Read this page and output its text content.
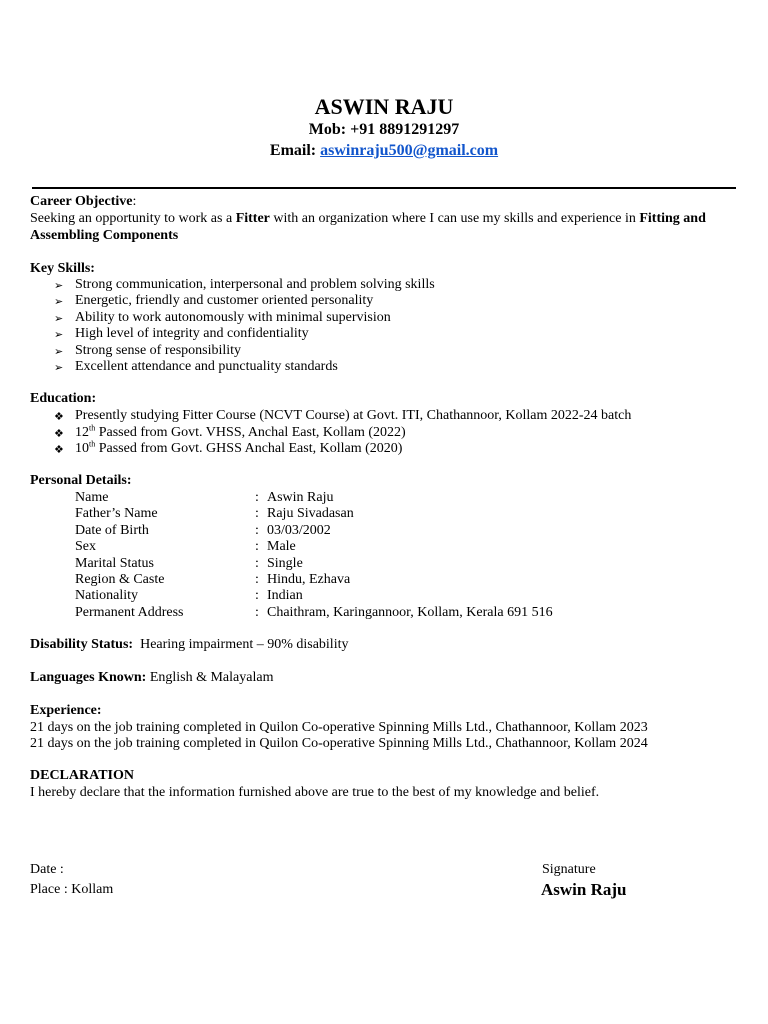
ASWIN RAJU
Mob: +91 8891291297
Email: aswinraju500@gmail.com
Career Objective:
Seeking an opportunity to work as a Fitter with an organization where I can use my skills and experience in Fitting and
Assembling Components
Key Skills:
➢ Strong communication, interpersonal and problem solving skills
➢ Energetic, friendly and customer oriented personality
➢ Ability to work autonomously with minimal supervision
➢ High level of integrity and confidentiality
➢ Strong sense of responsibility
➢ Excellent attendance and punctuality standards
Education:
❖ Presently studying Fitter Course (NCVT Course) at Govt. ITI, Chathannoor, Kollam 2022-24 batch
❖ 12th Passed from Govt. VHSS, Anchal East, Kollam (2022)
❖ 10th Passed from Govt. GHSS Anchal East, Kollam (2020)
Personal Details:
Name	: Aswin Raju
Father’s Name	: Raju Sivadasan
Date of Birth	: 03/03/2002
Sex	: Male
Marital Status	: Single
Region & Caste	: Hindu, Ezhava
Nationality	: Indian
Permanent Address	: Chaithram, Karingannoor, Kollam, Kerala 691 516
Disability Status: Hearing impairment – 90% disability
Languages Known: English & Malayalam
Experience:
21 days on the job training completed in Quilon Co-operative Spinning Mills Ltd., Chathannoor, Kollam 2023
21 days on the job training completed in Quilon Co-operative Spinning Mills Ltd., Chathannoor, Kollam 2024
DECLARATION
I hereby declare that the information furnished above are true to the best of my knowledge and belief.
Date :
Place : Kollam
Signature
Aswin Raju
